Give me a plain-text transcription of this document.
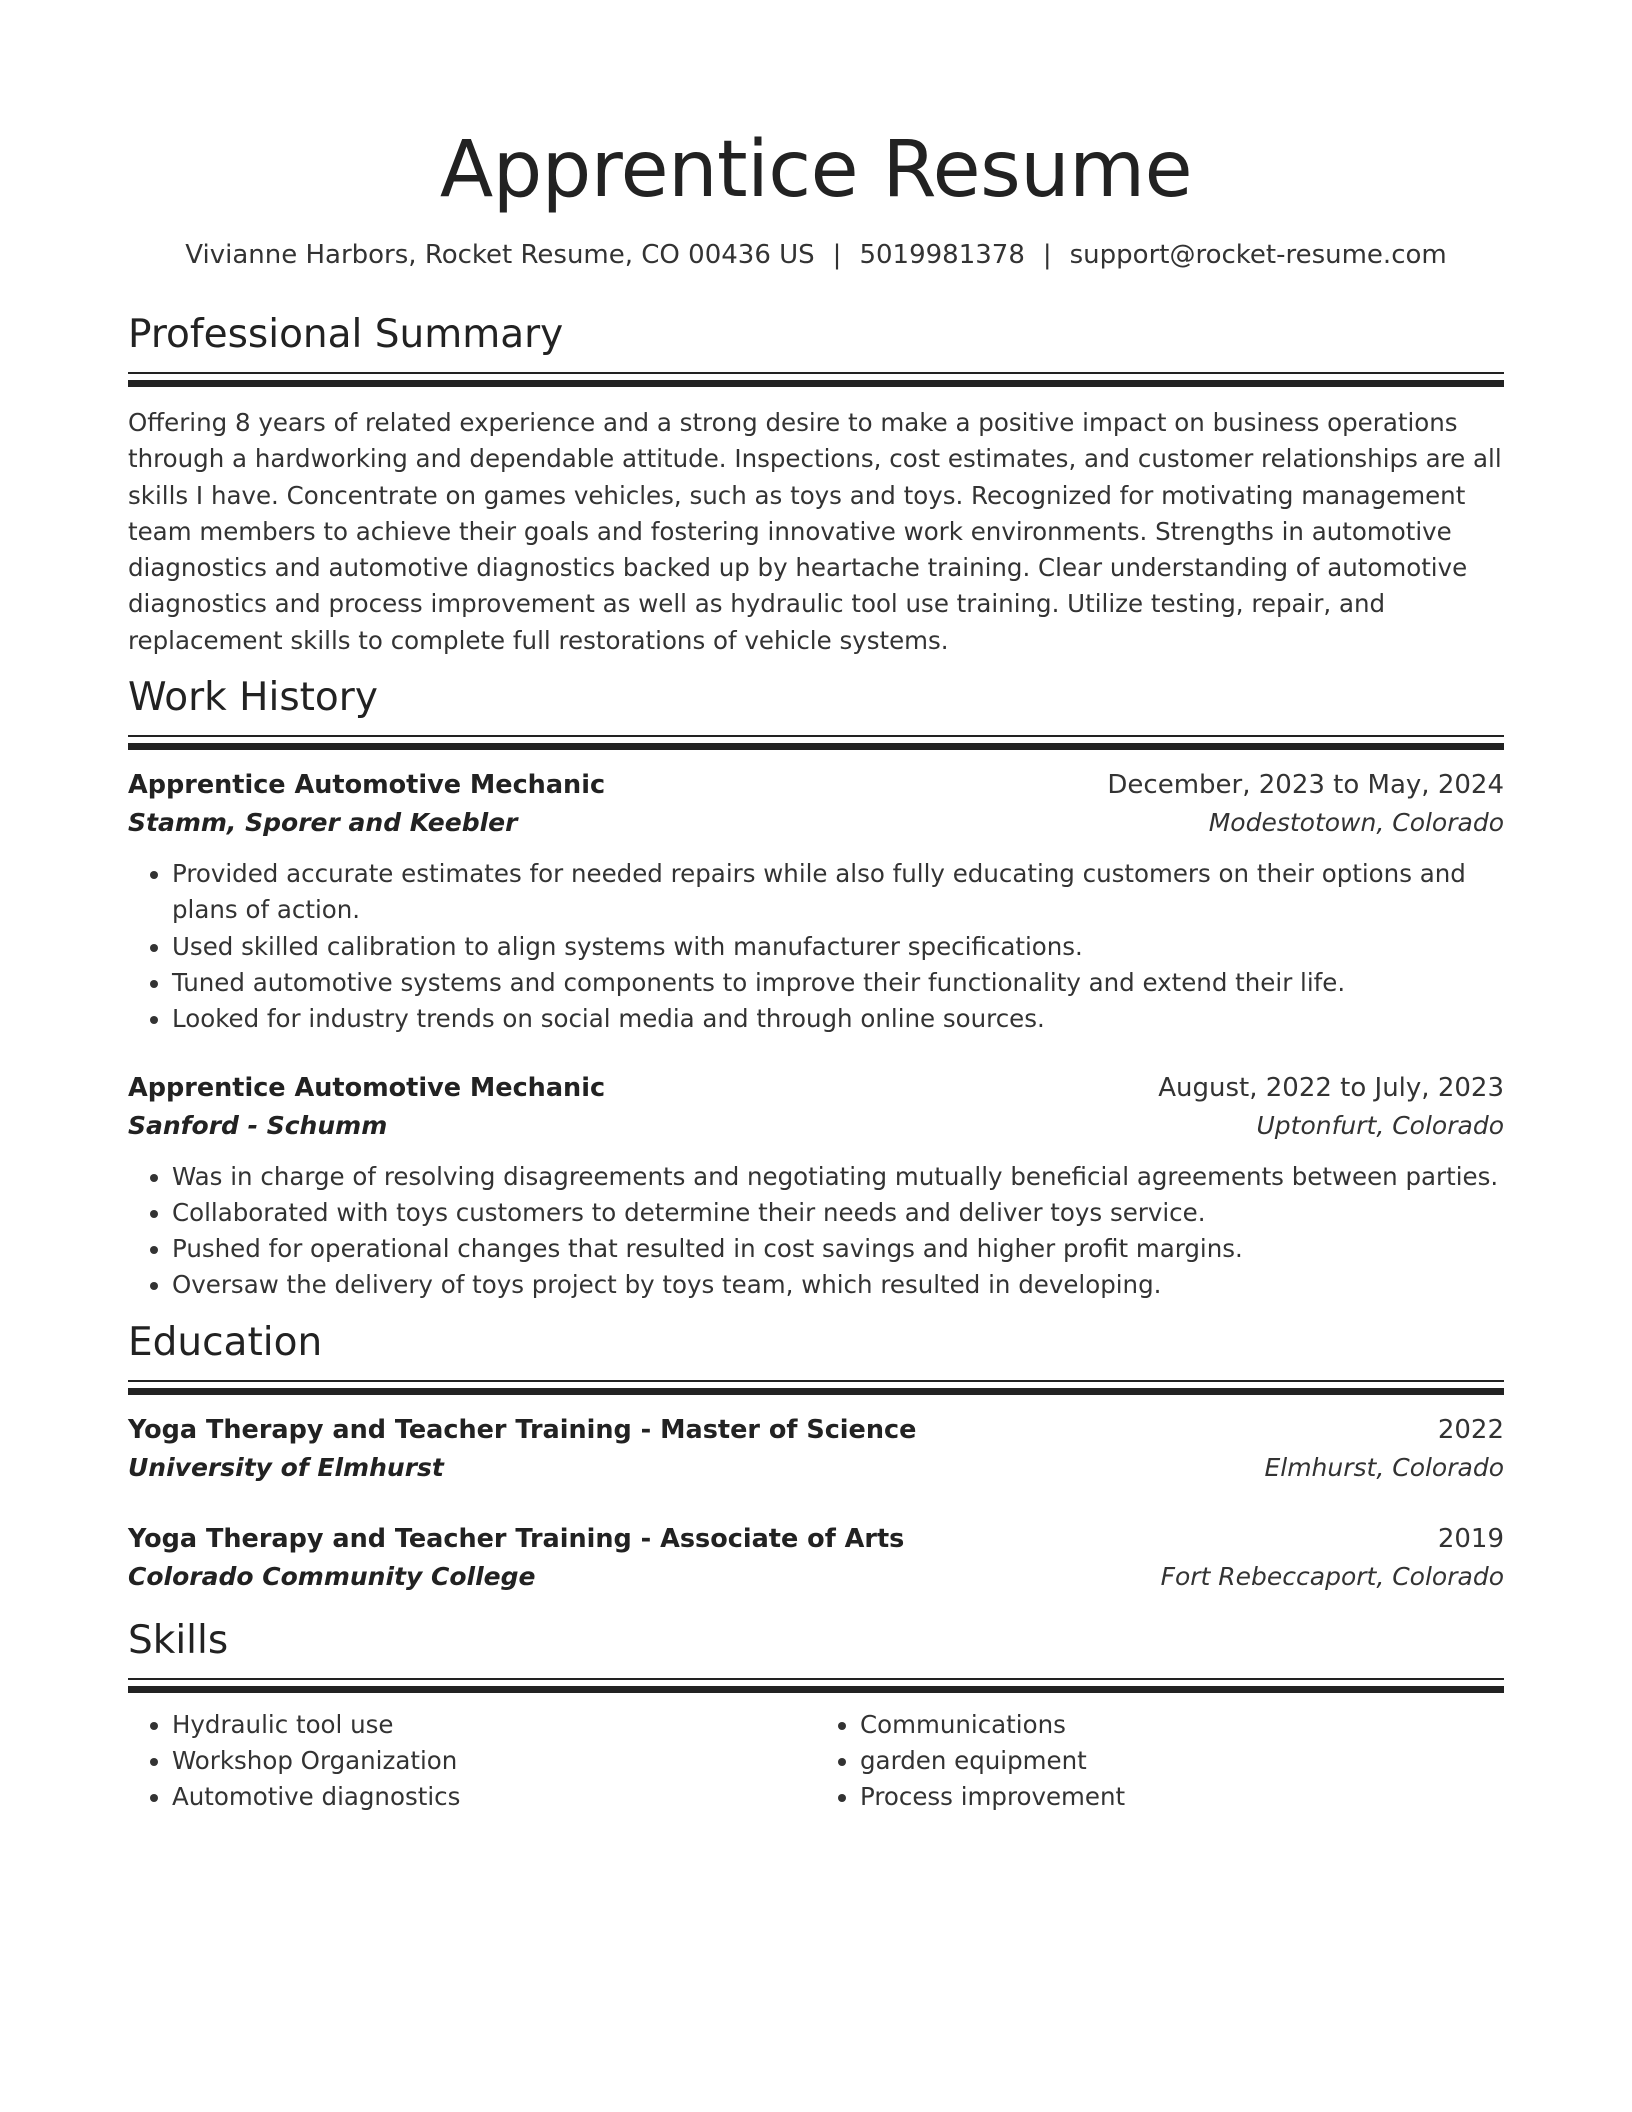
Apprentice Resume
Vivianne Harbors, Rocket Resume, CO 00436 US | 5019981378 | support@rocket-resume.com
Professional Summary

Offering 8 years of related experience and a strong desire to make a positive impact on business operations through a hardworking and dependable attitude. Inspections, cost estimates, and customer relationships are all skills I have. Concentrate on games vehicles, such as toys and toys. Recognized for motivating management team members to achieve their goals and fostering innovative work environments. Strengths in automotive diagnostics and automotive diagnostics backed up by heartache training. Clear understanding of automotive diagnostics and process improvement as well as hydraulic tool use training. Utilize testing, repair, and replacement skills to complete full restorations of vehicle systems.

Work History
Apprentice Automotive Mechanic	December, 2023 to May, 2024
Stamm, Sporer and Keebler	Modestotown, Colorado
• Provided accurate estimates for needed repairs while also fully educating customers on their options and plans of action.
• Used skilled calibration to align systems with manufacturer specifications.
• Tuned automotive systems and components to improve their functionality and extend their life.
• Looked for industry trends on social media and through online sources.
Apprentice Automotive Mechanic	August, 2022 to July, 2023
Sanford - Schumm	Uptonfurt, Colorado
• Was in charge of resolving disagreements and negotiating mutually beneficial agreements between parties.
• Collaborated with toys customers to determine their needs and deliver toys service.
• Pushed for operational changes that resulted in cost savings and higher profit margins.
• Oversaw the delivery of toys project by toys team, which resulted in developing.
Education
Yoga Therapy and Teacher Training - Master of Science	2022
University of Elmhurst	Elmhurst, Colorado
Yoga Therapy and Teacher Training - Associate of Arts	2019
Colorado Community College	Fort Rebeccaport, Colorado
Skills
• Hydraulic tool use
• Workshop Organization
• Automotive diagnostics
• Communications
• garden equipment
• Process improvement
